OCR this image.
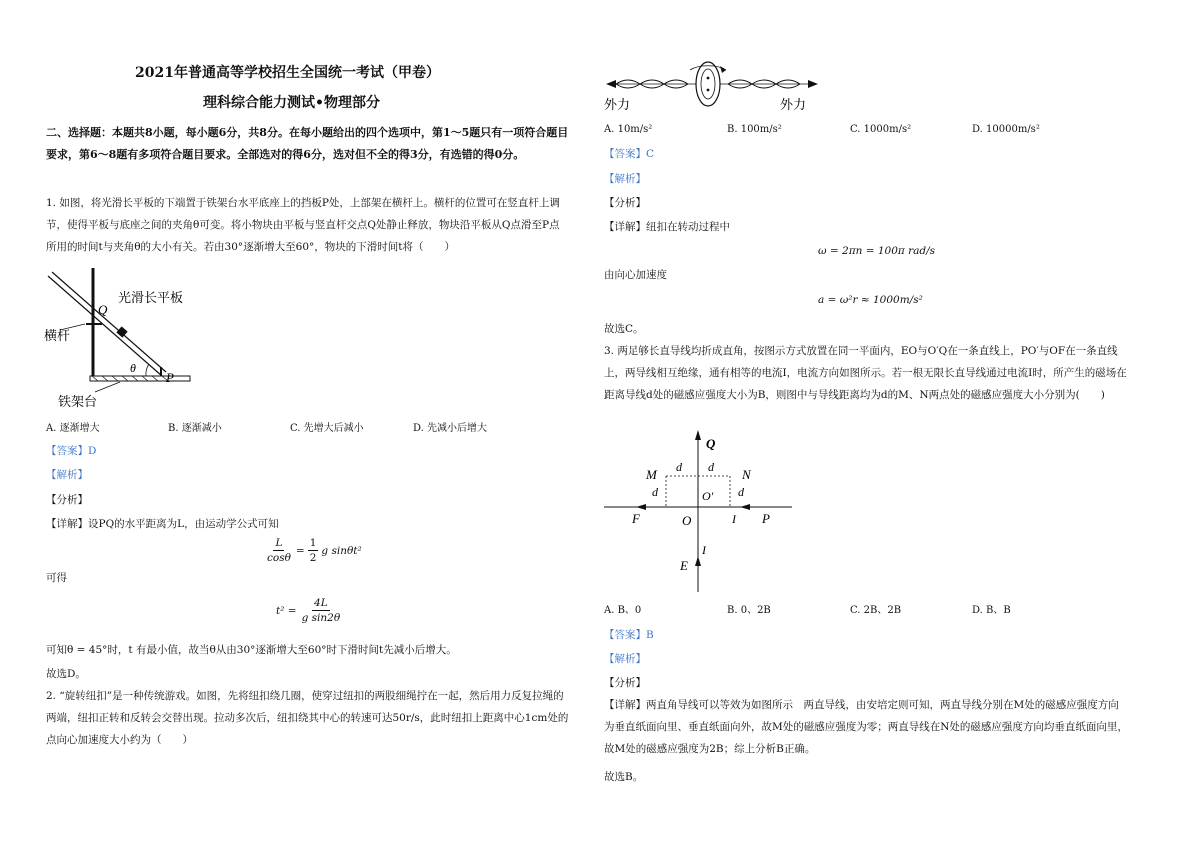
2021年普通高等学校招生全国统一考试（甲卷）
理科综合能力测试•物理部分
二、选择题：本题共8小题，每小题6分，共8分。在每小题给出的四个选项中，第1～5题只有一项符合题目要求，第6～8题有多项符合题目要求。全部选对的得6分，选对但不全的得3分，有选错的得0分。
1. 如图，将光滑长平板的下端置于铁架台水平底座上的挡板P处，上部架在横杆上。横杆的位置可在竖直杆上调节，使得平板与底座之间的夹角θ可变。将小物块由平板与竖直杆交点Q处静止释放，物块沿平板从Q点滑至P点所用的时间t与夹角θ的大小有关。若由30°逐渐增大至60°，物块的下滑时间t将（　　）
Q
光滑长平板
横杆
θ
P
铁架台
A. 逐渐增大	B. 逐渐减小	C. 先增大后减小	D. 先减小后增大
【答案】D
【解析】
【分析】
【详解】设PQ的水平距离为L，由运动学公式可知
$\frac{L}{\cos\theta} = \frac{1}{2}$ g sinθt²
可得
$t^2 = \frac{4L}{\text{g sin2θ}}$
可知θ = 45°时，t 有最小值，故当θ从由30°逐渐增大至60°时下滑时间t先减小后增大。
故选D。
2. “旋转纽扣”是一种传统游戏。如图，先将纽扣绕几圈，使穿过纽扣的两股细绳拧在一起，然后用力反复拉绳的两端，纽扣正转和反转会交替出现。拉动多次后，纽扣绕其中心的转速可达50r/s，此时纽扣上距离中心1cm处的点向心加速度大小约为（　　）
外力	外力
A. 10m/s²	B. 100m/s²	C. 1000m/s²	D. 10000m/s²
【答案】C
【解析】
【分析】
【详解】纽扣在转动过程中
ω = 2πn = 100π rad/s
由向心加速度
a = ω²r ≈ 1000m/s²
故选C。
3. 两足够长直导线均折成直角，按图示方式放置在同一平面内，EO与O′Q在一条直线上，PO′与OF在一条直线上，两导线相互绝缘，通有相等的电流I，电流方向如图所示。若一根无限长直导线通过电流I时，所产生的磁场在距离导线d处的磁感应强度大小为B，则图中与导线距离均为d的M、N两点处的磁感应强度大小分别为(　　)
Q
M d d N
d	d
O′
F	O	I P
I
E
A. B、0	B. 0、2B	C. 2B、2B	D. B、B
【答案】B
【解析】
【分析】
【详解】两直角导线可以等效为如图所示　两直导线，由安培定则可知，两直导线分别在M处的磁感应强度方向为垂直纸面向里、垂直纸面向外，故M处的磁感应强度为零；两直导线在N处的磁感应强度方向均垂直纸面向里，故M处的磁感应强度为2B；综上分析B正确。
故选B。
